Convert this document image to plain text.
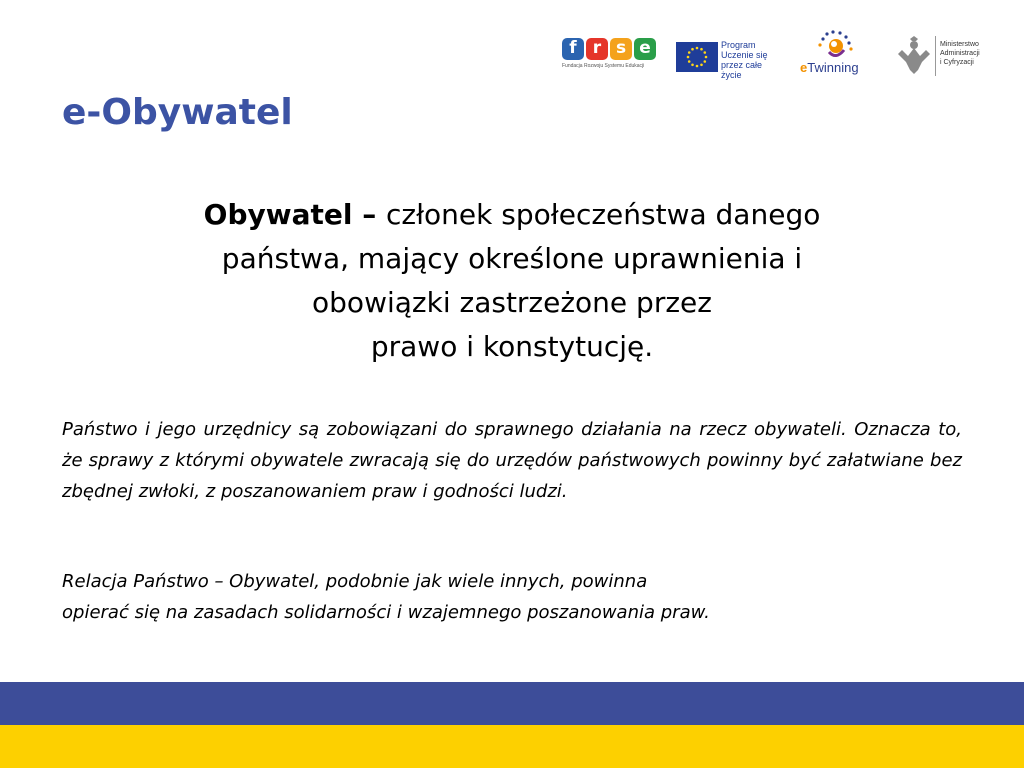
f r s e
Fundacja Rozwoju Systemu Edukacji
Program
Uczenie się
przez całe życie	eTwinning
Ministerstwo
Administracji
i Cyfryzacji
e-Obywatel

Obywatel – członek społeczeństwa danego
państwa, mający określone uprawnienia i
obowiązki zastrzeżone przez
prawo i konstytucję.

Państwo i jego urzędnicy są zobowiązani do sprawnego działania na rzecz obywateli. Oznacza to, że sprawy z którymi obywatele zwracają się do urzędów państwowych powinny być załatwiane bez zbędnej zwłoki, z poszanowaniem praw i godności ludzi.

Relacja Państwo – Obywatel, podobnie jak wiele innych, powinna
opierać się na zasadach solidarności i wzajemnego poszanowania praw.
